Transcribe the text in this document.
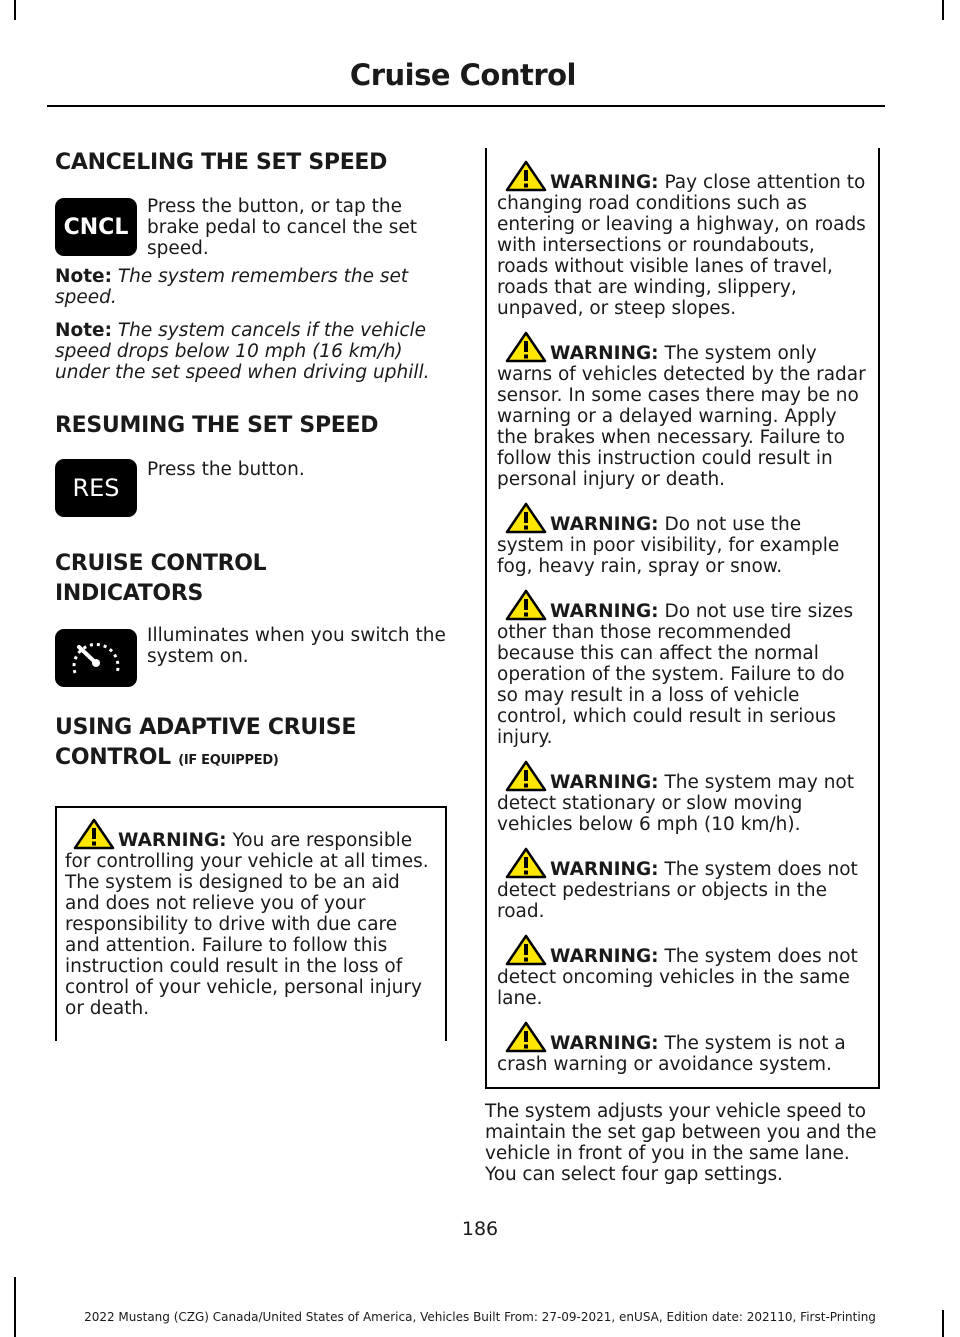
Cruise Control
CANCELING THE SET SPEED
CNCL

Press the button, or tap the brake pedal to cancel the set speed.

Note: The system remembers the set speed.

Note: The system cancels if the vehicle speed drops below 10 mph (16 km/h) under the set speed when driving uphill.

RESUMING THE SET SPEED
RES

Press the button.

CRUISE CONTROL
INDICATORS

Illuminates when you switch the system on.

USING ADAPTIVE CRUISE
CONTROL (IF EQUIPPED)
WARNING: You are responsible for controlling your vehicle at all times. The system is designed to be an aid and does not relieve you of your responsibility to drive with due care and attention. Failure to follow this instruction could result in the loss of control of your vehicle, personal injury or death.
WARNING: Pay close attention to changing road conditions such as entering or leaving a highway, on roads with intersections or roundabouts, roads without visible lanes of travel, roads that are winding, slippery, unpaved, or steep slopes.
WARNING: The system only warns of vehicles detected by the radar sensor. In some cases there may be no warning or a delayed warning. Apply the brakes when necessary. Failure to follow this instruction could result in personal injury or death.
WARNING: Do not use the system in poor visibility, for example fog, heavy rain, spray or snow.
WARNING: Do not use tire sizes other than those recommended because this can affect the normal operation of the system. Failure to do so may result in a loss of vehicle control, which could result in serious injury.
WARNING: The system may not detect stationary or slow moving vehicles below 6 mph (10 km/h).
WARNING: The system does not detect pedestrians or objects in the road.
WARNING: The system does not detect oncoming vehicles in the same lane.
WARNING: The system is not a crash warning or avoidance system.

The system adjusts your vehicle speed to maintain the set gap between you and the vehicle in front of you in the same lane. You can select four gap settings.

186
2022 Mustang (CZG) Canada/United States of America, Vehicles Built From: 27-09-2021, enUSA, Edition date: 202110, First-Printing
